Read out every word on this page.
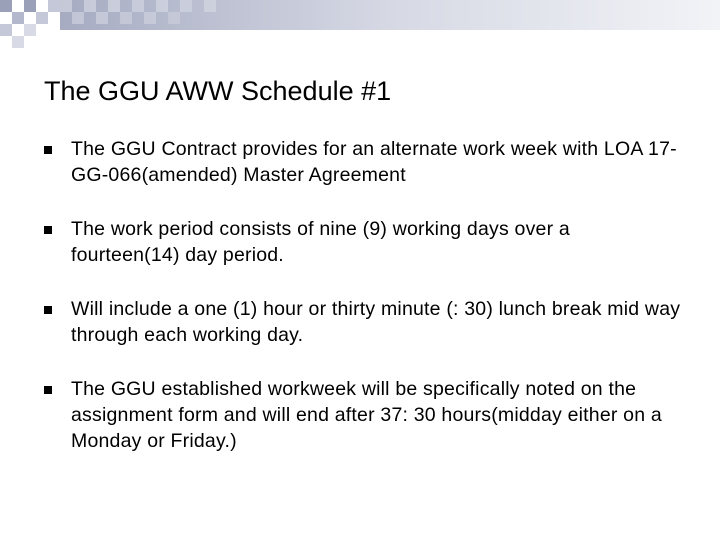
The GGU AWW Schedule #1
The GGU Contract provides for an alternate work week with LOA 17-GG-066(amended) Master Agreement
The work period consists of nine (9) working days over a fourteen(14) day period.
Will include a one (1) hour or thirty minute (: 30) lunch break mid way through each working day.
The GGU established workweek will be specifically noted on the assignment form and will end after 37: 30 hours(midday either on a Monday or Friday.)
